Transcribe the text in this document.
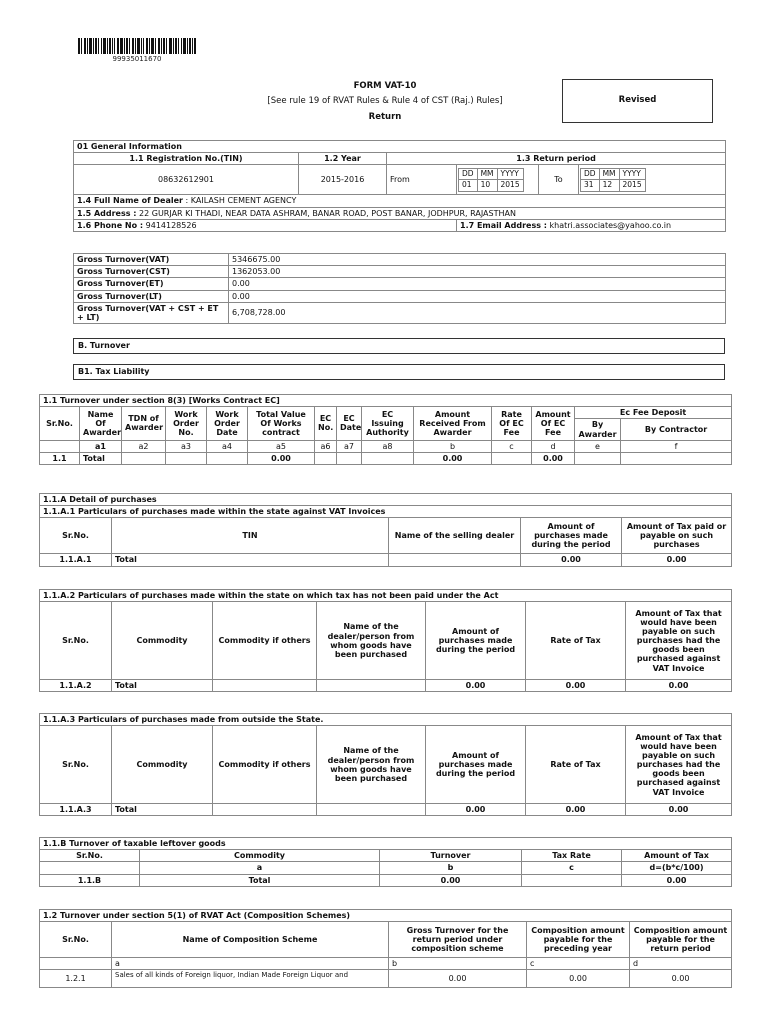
99935011670
FORM VAT-10
[See rule 19 of RVAT Rules & Rule 4 of CST (Raj.) Rules]
Return
Revised
01 General Information
1.1 Registration No.(TIN)	1.2 Year	1.3 Return period
08632612901	2015-2016	From	
DD	MM	YYYY
01	10	2015
	To	
DD	MM	YYYY
31	12	2015

1.4 Full Name of Dealer : KAILASH CEMENT AGENCY
1.5 Address : 22 GURJAR KI THADI, NEAR DATA ASHRAM, BANAR ROAD, POST BANAR, JODHPUR, RAJASTHAN
1.6 Phone No : 9414128526	1.7 Email Address : khatri.associates@yahoo.co.in
Gross Turnover(VAT)	5346675.00
Gross Turnover(CST)	1362053.00
Gross Turnover(ET)	0.00
Gross Turnover(LT)	0.00
Gross Turnover(VAT + CST + ET + LT)	6,708,728.00
B. Turnover
B1. Tax Liability
1.1 Turnover under section 8(3) [Works Contract EC]													
Sr.No.	Name Of Awarder	TDN of Awarder	Work Order No.	Work Order Date	Total Value Of Works contract	EC No.	EC Date	EC Issuing Authority	Amount Received From Awarder	Rate Of EC Fee	Amount Of EC Fee	Ec Fee Deposit	
												By Awarder	By Contractor
	a1	a2	a3	a4	a5	a6	a7	a8	b	c	d	e	f
1.1	Total				0.00				0.00		0.00		
1.1.A Detail of purchases				
1.1.A.1 Particulars of purchases made within the state against VAT Invoices				
Sr.No.	TIN	Name of the selling dealer	Amount of purchases made during the period	Amount of Tax paid or payable on such purchases
1.1.A.1	Total		0.00	0.00
1.1.A.2 Particulars of purchases made within the state on which tax has not been paid under the Act						
Sr.No.	Commodity	Commodity if others	Name of the dealer/person from whom goods have been purchased	Amount of purchases made during the period	Rate of Tax	Amount of Tax that would have been payable on such purchases had the goods been purchased against VAT Invoice
1.1.A.2	Total			0.00	0.00	0.00
1.1.A.3 Particulars of purchases made from outside the State.						
Sr.No.	Commodity	Commodity if others	Name of the dealer/person from whom goods have been purchased	Amount of purchases made during the period	Rate of Tax	Amount of Tax that would have been payable on such purchases had the goods been purchased against VAT Invoice
1.1.A.3	Total			0.00	0.00	0.00
1.1.B Turnover of taxable leftover goods				
Sr.No.	Commodity	Turnover	Tax Rate	Amount of Tax
	a	b	c	d=(b*c/100)
1.1.B	Total	0.00		0.00
1.2 Turnover under section 5(1) of RVAT Act (Composition Schemes)				
Sr.No.	Name of Composition Scheme	Gross Turnover for the return period under composition scheme	Composition amount payable for the preceding year	Composition amount payable for the return period
	a	b	c	d
1.2.1	Sales of all kinds of Foreign liquor, Indian Made Foreign Liquor and	0.00	0.00	0.00
